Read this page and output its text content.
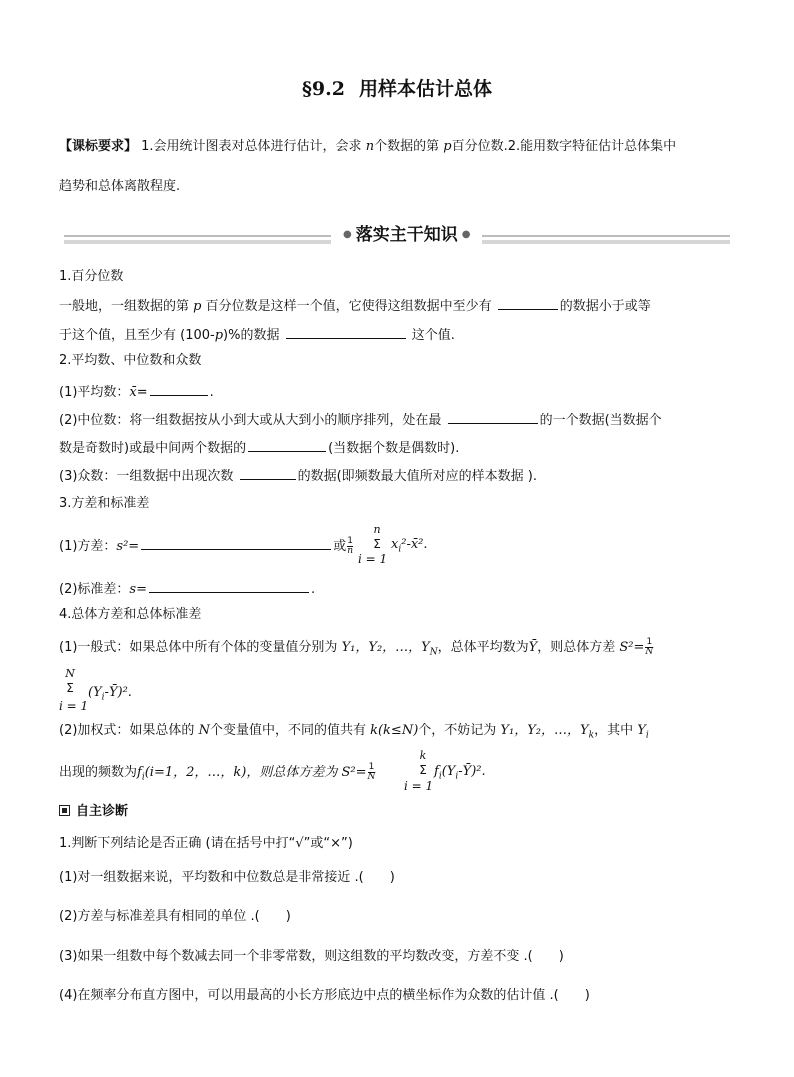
§9.2 用样本估计总体
【课标要求】 1.会用统计图表对总体进行估计，会求 n个数据的第 p百分位数.2.能用数字特征估计总体集中
趋势和总体离散程度.
● 落实主干知识 ●
1.百分位数
一般地，一组数据的第 p 百分位数是这样一个值，它使得这组数据中至少有	的数据小于或等
于这个值，且至少有 (100-p)%的数据	这个值.
2.平均数、中位数和众数
(1)平均数：x̄=	.
(2)中位数：将一组数据按从小到大或从大到小的顺序排列，处在最	的一个数据(当数据个
数是奇数时)或最中间两个数据的	(当数据个数是偶数时).
(3)众数：一组数据中出现次数	的数据(即频数最大值所对应的样本数据 ).
3.方差和标准差
(1)方差：s²=	或$\frac{1}{n}$
n
Σ
i = 1
$x_i^2-x̄^2$.
(2)标准差：s=	.
4.总体方差和总体标准差
(1)一般式：如果总体中所有个体的变量值分别为 Y₁，Y₂，…，$Y_N$，总体平均数为Ȳ，则总体方差 $S^2=\frac{1}{N}$
N
Σ
i = 1
$(Y_i-Ȳ)^2$.
(2)加权式：如果总体的 N个变量值中，不同的值共有 k(k≤N)个，不妨记为 Y₁，Y₂，…，$Y_k$，其中 $Y_i$
出现的频数为$f_i(i=1$，2，…，k)，则总体方差为 $S^2=\frac{1}{N}$
k
Σ
i = 1
$f_i(Y_i-Ȳ)^2$.
自主诊断
1.判断下列结论是否正确 (请在括号中打“√”或“×”)
(1)对一组数据来说，平均数和中位数总是非常接近 .(　　)
(2)方差与标准差具有相同的单位 .(　　)
(3)如果一组数中每个数减去同一个非零常数，则这组数的平均数改变，方差不变 .(　　)
(4)在频率分布直方图中，可以用最高的小长方形底边中点的横坐标作为众数的估计值 .(　　)
